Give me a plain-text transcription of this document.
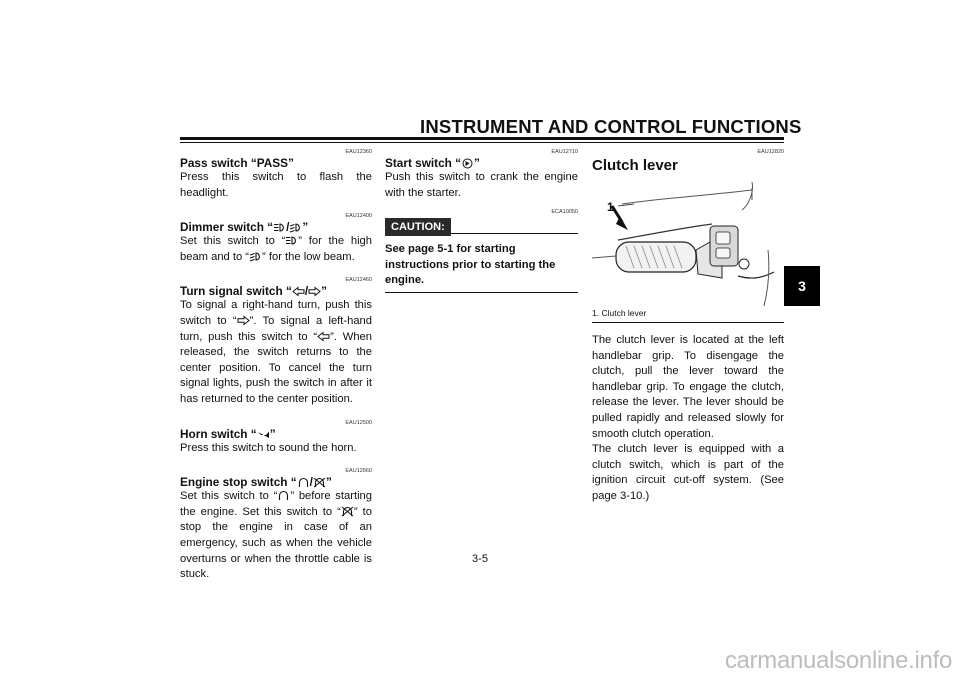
INSTRUMENT AND CONTROL FUNCTIONS
3
EAU12360
Pass switch “PASS”

Press this switch to flash the headlight.

EAU12400
Dimmer switch “ / ”

Set this switch to “ ” for the high beam and to “ ” for the low beam.

EAU12460
Turn signal switch “ / ”

To signal a right-hand turn, push this switch to “ ”. To signal a left-hand turn, push this switch to “ ”. When released, the switch returns to the center position. To cancel the turn signal lights, push the switch in after it has returned to the center position.

EAU12500
Horn switch “ ”

Press this switch to sound the horn.

EAU12660
Engine stop switch “ / ”

Set this switch to “ ” before starting the engine. Set this switch to “ ” to stop the engine in case of an emergency, such as when the vehicle overturns or when the throttle cable is stuck.

EAU12710
Start switch “ ”

Push this switch to crank the engine with the starter.

ECA10050
CAUTION:
See page 5-1 for starting instructions prior to starting the engine.
EAU12820
Clutch lever
1
1. Clutch lever

The clutch lever is located at the left handlebar grip. To disengage the clutch, pull the lever toward the handlebar grip. To engage the clutch, release the lever. The lever should be pulled rapidly and released slowly for smooth clutch operation.

The clutch lever is equipped with a clutch switch, which is part of the ignition circuit cut-off system. (See page 3-10.)

3-5
carmanualsonline.info
